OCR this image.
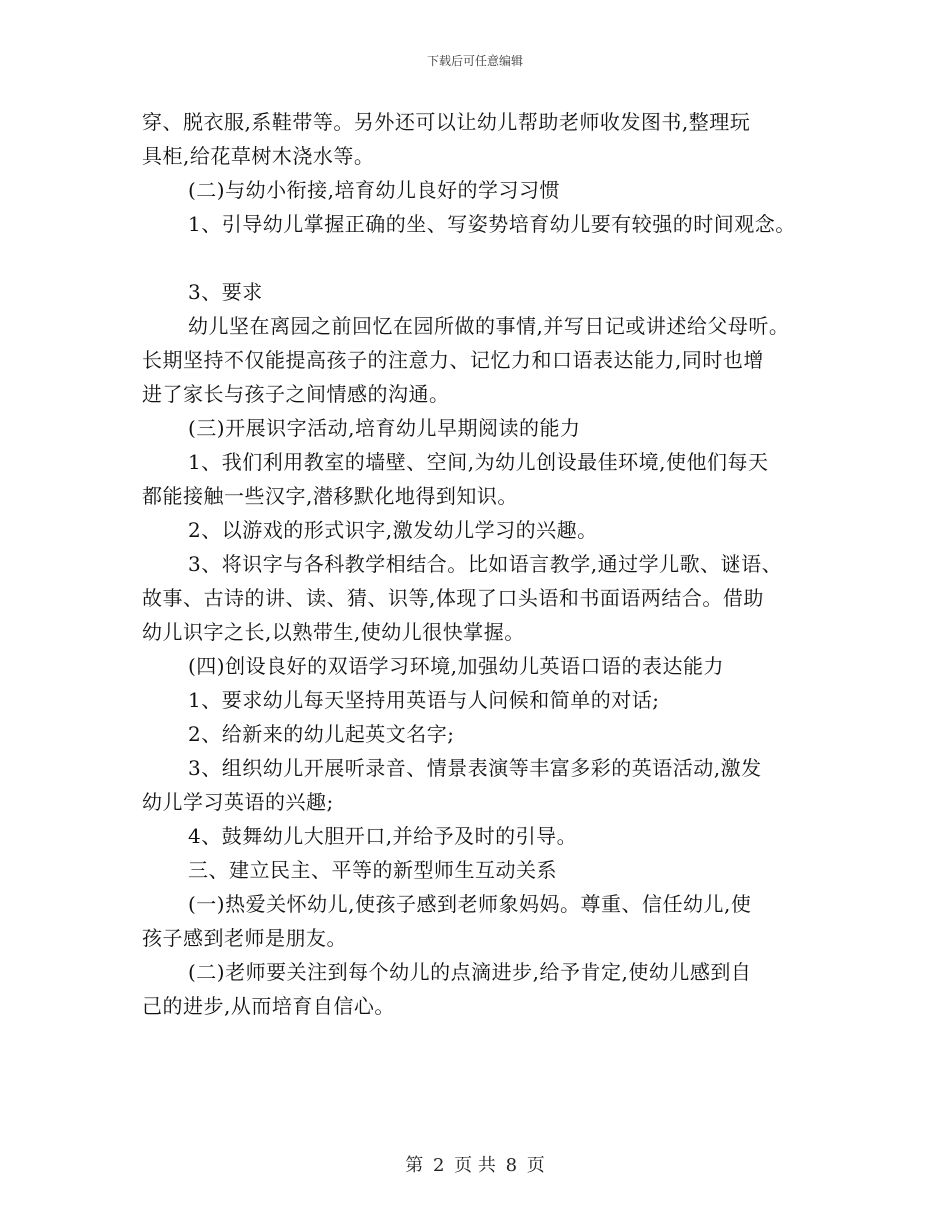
下载后可任意编辑
穿、脱衣服,系鞋带等。另外还可以让幼儿帮助老师收发图书,整理玩
具柜,给花草树木浇水等。
(二)与幼小衔接,培育幼儿良好的学习习惯
1、引导幼儿掌握正确的坐、写姿势培育幼儿要有较强的时间观念。
3、要求
幼儿坚在离园之前回忆在园所做的事情,并写日记或讲述给父母听。
长期坚持不仅能提高孩子的注意力、记忆力和口语表达能力,同时也增
进了家长与孩子之间情感的沟通。
(三)开展识字活动,培育幼儿早期阅读的能力
1、我们利用教室的墙壁、空间,为幼儿创设最佳环境,使他们每天
都能接触一些汉字,潜移默化地得到知识。
2、以游戏的形式识字,激发幼儿学习的兴趣。
3、将识字与各科教学相结合。比如语言教学,通过学儿歌、谜语、
故事、古诗的讲、读、猜、识等,体现了口头语和书面语两结合。借助
幼儿识字之长,以熟带生,使幼儿很快掌握。
(四)创设良好的双语学习环境,加强幼儿英语口语的表达能力
1、要求幼儿每天坚持用英语与人问候和简单的对话;
2、给新来的幼儿起英文名字;
3、组织幼儿开展听录音、情景表演等丰富多彩的英语活动,激发
幼儿学习英语的兴趣;
4、鼓舞幼儿大胆开口,并给予及时的引导。
三、建立民主、平等的新型师生互动关系
(一)热爱关怀幼儿,使孩子感到老师象妈妈。尊重、信任幼儿,使
孩子感到老师是朋友。
(二)老师要关注到每个幼儿的点滴进步,给予肯定,使幼儿感到自
己的进步,从而培育自信心。
第 2 页 共 8 页
